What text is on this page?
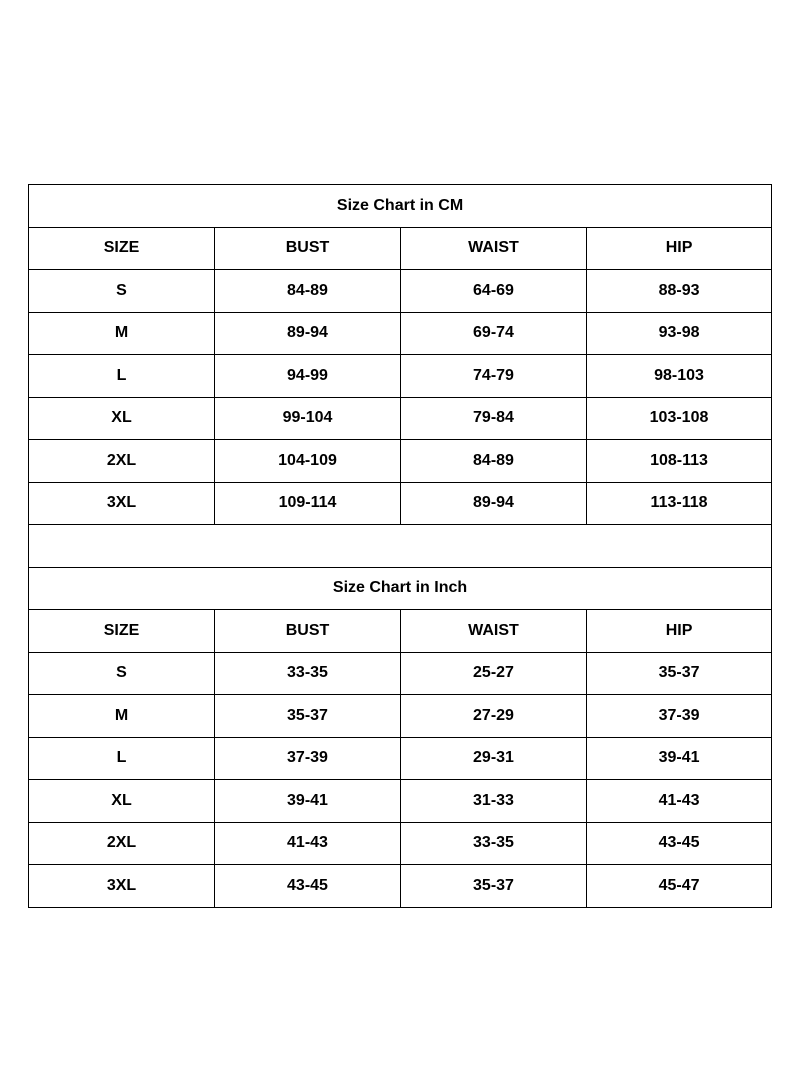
Size Chart in CM			
SIZE	BUST	WAIST	HIP
S	84-89	64-69	88-93
M	89-94	69-74	93-98
L	94-99	74-79	98-103
XL	99-104	79-84	103-108
2XL	104-109	84-89	108-113
3XL	109-114	89-94	113-118

Size Chart in Inch			
SIZE	BUST	WAIST	HIP
S	33-35	25-27	35-37
M	35-37	27-29	37-39
L	37-39	29-31	39-41
XL	39-41	31-33	41-43
2XL	41-43	33-35	43-45
3XL	43-45	35-37	45-47
